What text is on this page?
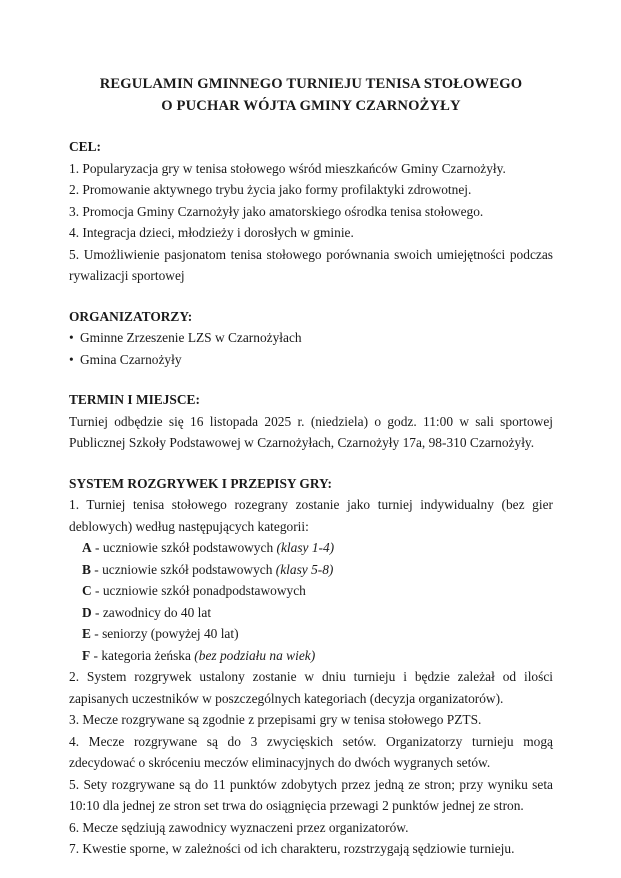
REGULAMIN GMINNEGO TURNIEJU TENISA STOŁOWEGO
O PUCHAR WÓJTA GMINY CZARNOŻYŁY
CEL:

1. Popularyzacja gry w tenisa stołowego wśród mieszkańców Gminy Czarnożyły.

2. Promowanie aktywnego trybu życia jako formy profilaktyki zdrowotnej.

3. Promocja Gminy Czarnożyły jako amatorskiego ośrodka tenisa stołowego.

4. Integracja dzieci, młodzieży i dorosłych w gminie.

5. Umożliwienie pasjonatom tenisa stołowego porównania swoich umiejętności podczas rywalizacji sportowej

ORGANIZATORZY:

• Gminne Zrzeszenie LZS w Czarnożyłach

• Gmina Czarnożyły

TERMIN I MIEJSCE:

Turniej odbędzie się 16 listopada 2025 r. (niedziela) o godz. 11:00 w sali sportowej Publicznej Szkoły Podstawowej w Czarnożyłach, Czarnożyły 17a, 98-310 Czarnożyły.

SYSTEM ROZGRYWEK I PRZEPISY GRY:

1. Turniej tenisa stołowego rozegrany zostanie jako turniej indywidualny (bez gier deblowych) według następujących kategorii:

A - uczniowie szkół podstawowych (klasy 1-4)

B - uczniowie szkół podstawowych (klasy 5-8)

C - uczniowie szkół ponadpodstawowych

D - zawodnicy do 40 lat

E - seniorzy (powyżej 40 lat)

F - kategoria żeńska (bez podziału na wiek)

2. System rozgrywek ustalony zostanie w dniu turnieju i będzie zależał od ilości zapisanych uczestników w poszczególnych kategoriach (decyzja organizatorów).

3. Mecze rozgrywane są zgodnie z przepisami gry w tenisa stołowego PZTS.

4. Mecze rozgrywane są do 3 zwycięskich setów. Organizatorzy turnieju mogą zdecydować o skróceniu meczów eliminacyjnych do dwóch wygranych setów.

5. Sety rozgrywane są do 11 punktów zdobytych przez jedną ze stron; przy wyniku seta 10:10 dla jednej ze stron set trwa do osiągnięcia przewagi 2 punktów jednej ze stron.

6. Mecze sędziują zawodnicy wyznaczeni przez organizatorów.

7. Kwestie sporne, w zależności od ich charakteru, rozstrzygają sędziowie turnieju.
